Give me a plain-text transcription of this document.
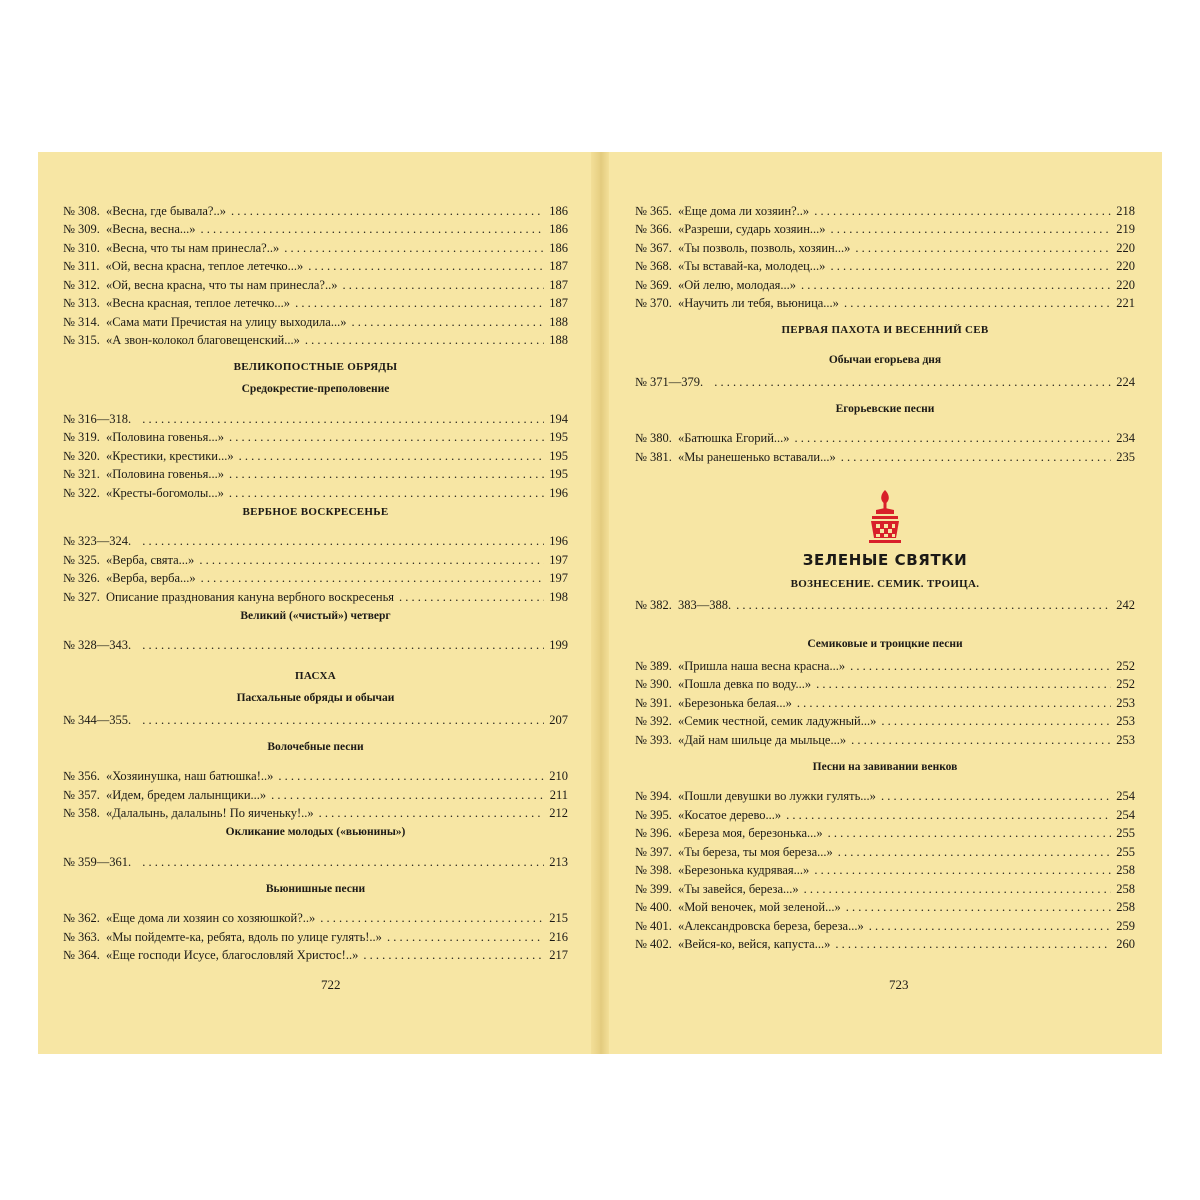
№ 308. «Весна, где бывала?..» . . .	186
№ 309. «Весна, весна...» . . .	186
№ 310. «Весна, что ты нам принесла?..» . . .	186
№ 311. «Ой, весна красна, теплое летечко...» . . .	187
№ 312. «Ой, весна красна, что ты нам принесла?..» . . .	187
№ 313. «Весна красная, теплое летечко...» . . .	187
№ 314. «Сама мати Пречистая на улицу выходила...» . . .	188
№ 315. «А звон-колокол благовещенский...» . . .	188
ВЕЛИКОПОСТНЫЕ ОБРЯДЫ
Средокрестие-преполовение
№ 316—318. . . .	194
№ 319. «Половина говенья...» . . .	195
№ 320. «Крестики, крестики...» . . .	195
№ 321. «Половина говенья...» . . .	195
№ 322. «Кресты-богомолы...» . . .	196
ВЕРБНОЕ ВОСКРЕСЕНЬЕ
№ 323—324. . . .	196
№ 325. «Верба, свята...» . . .	197
№ 326. «Верба, верба...» . . .	197
№ 327. Описание празднования кануна вербного воскресенья . . .	198
Великий («чистый») четверг
№ 328—343. . . .	199
ПАСХА
Пасхальные обряды и обычаи
№ 344—355. . . .	207
Волочебные песни
№ 356. «Хозяинушка, наш батюшка!..» . . .	210
№ 357. «Идем, бредем лалынщики...» . . .	211
№ 358. «Далалынь, далалынь! По яиченьку!..» . . .	212
Окликание молодых («вьюнины»)
№ 359—361. . . .	213
Вьюнишные песни
№ 362. «Еще дома ли хозяин со хозяюшкой?..» . . .	215
№ 363. «Мы пойдемте-ка, ребята, вдоль по улице гулять!..» . . .	216
№ 364. «Еще господи Исусе, благословляй Христос!..» . . .	217
722
№ 365. «Еще дома ли хозяин?..» . . .	218
№ 366. «Разреши, сударь хозяин...» . . .	219
№ 367. «Ты позволь, позволь, хозяин...» . . .	220
№ 368. «Ты вставай-ка, молодец...» . . .	220
№ 369. «Ой лелю, молодая...» . . .	220
№ 370. «Научить ли тебя, вьюница...» . . .	221
ПЕРВАЯ ПАХОТА И ВЕСЕННИЙ СЕВ
Обычаи егорьева дня
№ 371—379. . . .	224
Егорьевские песни
№ 380. «Батюшка Егорий...» . . .	234
№ 381. «Мы ранешенько вставали...» . . .	235
ЗЕЛЕНЫЕ СВЯТКИ
ВОЗНЕСЕНИЕ. СЕМИК. ТРОИЦА.
№ 382. 383—388. . . .	242
Семиковые и троицкие песни
№ 389. «Пришла наша весна красна...» . . .	252
№ 390. «Пошла девка по воду...» . . .	252
№ 391. «Березонька белая...» . . .	253
№ 392. «Семик честной, семик ладужный...» . . .	253
№ 393. «Дай нам шильце да мыльце...» . . .	253
Песни на завивании венков
№ 394. «Пошли девушки во лужки гулять...» . . .	254
№ 395. «Косатое дерево...» . . .	254
№ 396. «Береза моя, березонька...» . . .	255
№ 397. «Ты береза, ты моя береза...» . . .	255
№ 398. «Березонька кудрявая...» . . .	258
№ 399. «Ты завейся, береза...» . . .	258
№ 400. «Мой веночек, мой зеленой...» . . .	258
№ 401. «Александровска береза, береза...» . . .	259
№ 402. «Вейся-ко, вейся, капуста...» . . .	260
723
